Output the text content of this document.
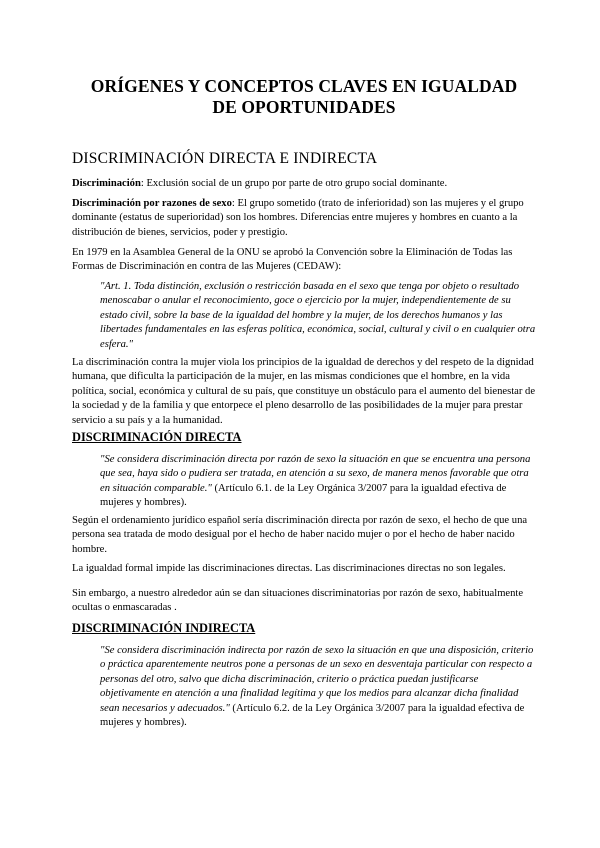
ORÍGENES Y CONCEPTOS CLAVES EN IGUALDAD
DE OPORTUNIDADES
DISCRIMINACIÓN DIRECTA E INDIRECTA

Discriminación: Exclusión social de un grupo por parte de otro grupo social dominante.

Discriminación por razones de sexo: El grupo sometido (trato de inferioridad) son las mujeres y el grupo dominante (estatus de superioridad) son los hombres. Diferencias entre mujeres y hombres en cuanto a la distribución de bienes, servicios, poder y prestigio.

En 1979 en la Asamblea General de la ONU se aprobó la Convención sobre la Eliminación de Todas las Formas de Discriminación en contra de las Mujeres (CEDAW):

"Art. 1. Toda distinción, exclusión o restricción basada en el sexo que tenga por objeto o resultado menoscabar o anular el reconocimiento, goce o ejercicio por la mujer, independientemente de su estado civil, sobre la base de la igualdad del hombre y la mujer, de los derechos humanos y las libertades fundamentales en las esferas política, económica, social, cultural y civil o en cualquier otra esfera."

La discriminación contra la mujer viola los principios de la igualdad de derechos y del respeto de la dignidad humana, que dificulta la participación de la mujer, en las mismas condiciones que el hombre, en la vida política, social, económica y cultural de su país, que constituye un obstáculo para el aumento del bienestar de la sociedad y de la familia y que entorpece el pleno desarrollo de las posibilidades de la mujer para prestar servicio a su país y a la humanidad.

DISCRIMINACIÓN DIRECTA

"Se considera discriminación directa por razón de sexo la situación en que se encuentra una persona que sea, haya sido o pudiera ser tratada, en atención a su sexo, de manera menos favorable que otra en situación comparable." (Artículo 6.1. de la Ley Orgánica 3/2007 para la igualdad efectiva de mujeres y hombres).

Según el ordenamiento jurídico español sería discriminación directa por razón de sexo, el hecho de que una persona sea tratada de modo desigual por el hecho de haber nacido mujer o por el hecho de haber nacido hombre.

La igualdad formal impide las discriminaciones directas. Las discriminaciones directas no son legales.

Sin embargo, a nuestro alrededor aún se dan situaciones discriminatorias por razón de sexo, habitualmente ocultas o enmascaradas .

DISCRIMINACIÓN INDIRECTA

"Se considera discriminación indirecta por razón de sexo la situación en que una disposición, criterio o práctica aparentemente neutros pone a personas de un sexo en desventaja particular con respecto a personas del otro, salvo que dicha discriminación, criterio o práctica puedan justificarse objetivamente en atención a una finalidad legítima y que los medios para alcanzar dicha finalidad sean necesarios y adecuados." (Artículo 6.2. de la Ley Orgánica 3/2007 para la igualdad efectiva de mujeres y hombres).
